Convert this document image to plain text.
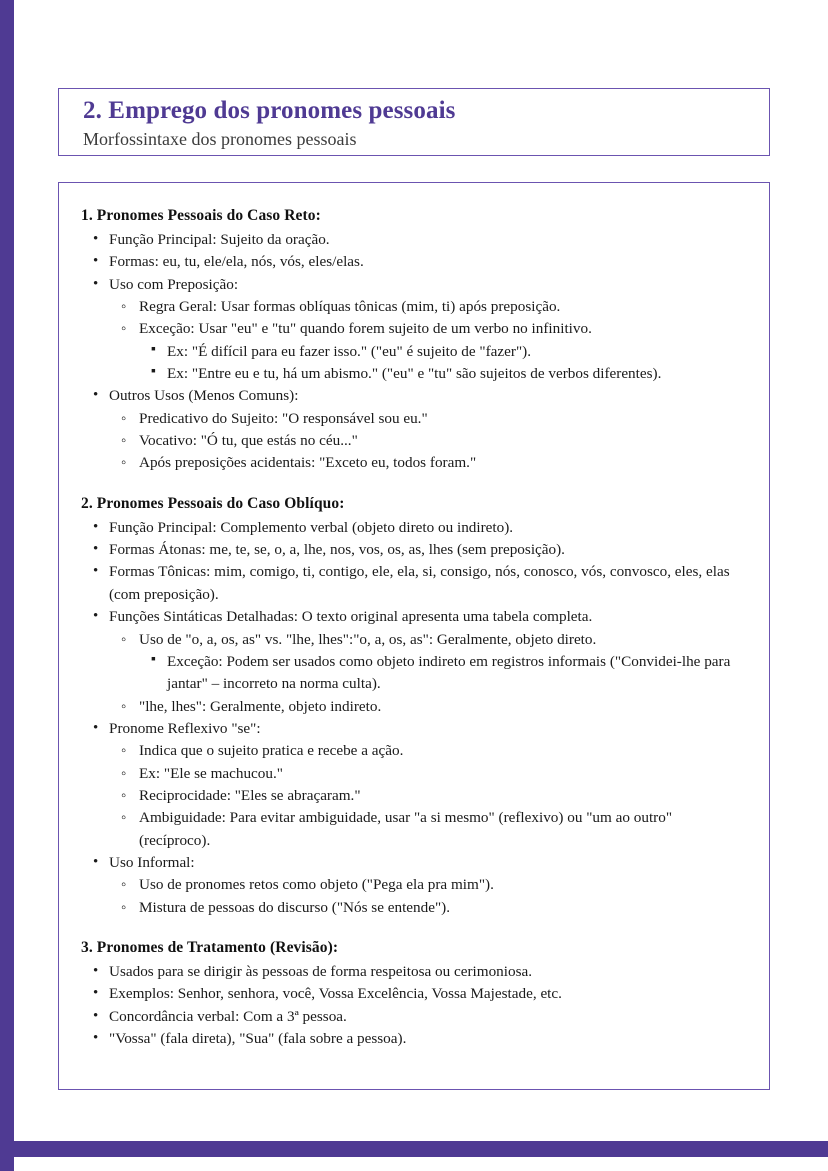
2. Emprego dos pronomes pessoais
Morfossintaxe dos pronomes pessoais
1. Pronomes Pessoais do Caso Reto:
• Função Principal: Sujeito da oração.
• Formas: eu, tu, ele/ela, nós, vós, eles/elas.
• Uso com Preposição:
◦ Regra Geral: Usar formas oblíquas tônicas (mim, ti) após preposição.
◦ Exceção: Usar "eu" e "tu" quando forem sujeito de um verbo no infinitivo.
▪ Ex: "É difícil para eu fazer isso." ("eu" é sujeito de "fazer").
▪ Ex: "Entre eu e tu, há um abismo." ("eu" e "tu" são sujeitos de verbos diferentes).
• Outros Usos (Menos Comuns):
◦ Predicativo do Sujeito: "O responsável sou eu."
◦ Vocativo: "Ó tu, que estás no céu..."
◦ Após preposições acidentais: "Exceto eu, todos foram."
2. Pronomes Pessoais do Caso Oblíquo:
• Função Principal: Complemento verbal (objeto direto ou indireto).
• Formas Átonas: me, te, se, o, a, lhe, nos, vos, os, as, lhes (sem preposição).
• Formas Tônicas: mim, comigo, ti, contigo, ele, ela, si, consigo, nós, conosco, vós, convosco, eles, elas (com preposição).
• Funções Sintáticas Detalhadas: O texto original apresenta uma tabela completa.
◦ Uso de "o, a, os, as" vs. "lhe, lhes":"o, a, os, as": Geralmente, objeto direto.
▪ Exceção: Podem ser usados como objeto indireto em registros informais ("Convidei-lhe para jantar" – incorreto na norma culta).
◦ "lhe, lhes": Geralmente, objeto indireto.
• Pronome Reflexivo "se":
◦ Indica que o sujeito pratica e recebe a ação.
◦ Ex: "Ele se machucou."
◦ Reciprocidade: "Eles se abraçaram."
◦ Ambiguidade: Para evitar ambiguidade, usar "a si mesmo" (reflexivo) ou "um ao outro" (recíproco).
• Uso Informal:
◦ Uso de pronomes retos como objeto ("Pega ela pra mim").
◦ Mistura de pessoas do discurso ("Nós se entende").
3. Pronomes de Tratamento (Revisão):
• Usados para se dirigir às pessoas de forma respeitosa ou cerimoniosa.
• Exemplos: Senhor, senhora, você, Vossa Excelência, Vossa Majestade, etc.
• Concordância verbal: Com a 3ª pessoa.
• "Vossa" (fala direta), "Sua" (fala sobre a pessoa).
